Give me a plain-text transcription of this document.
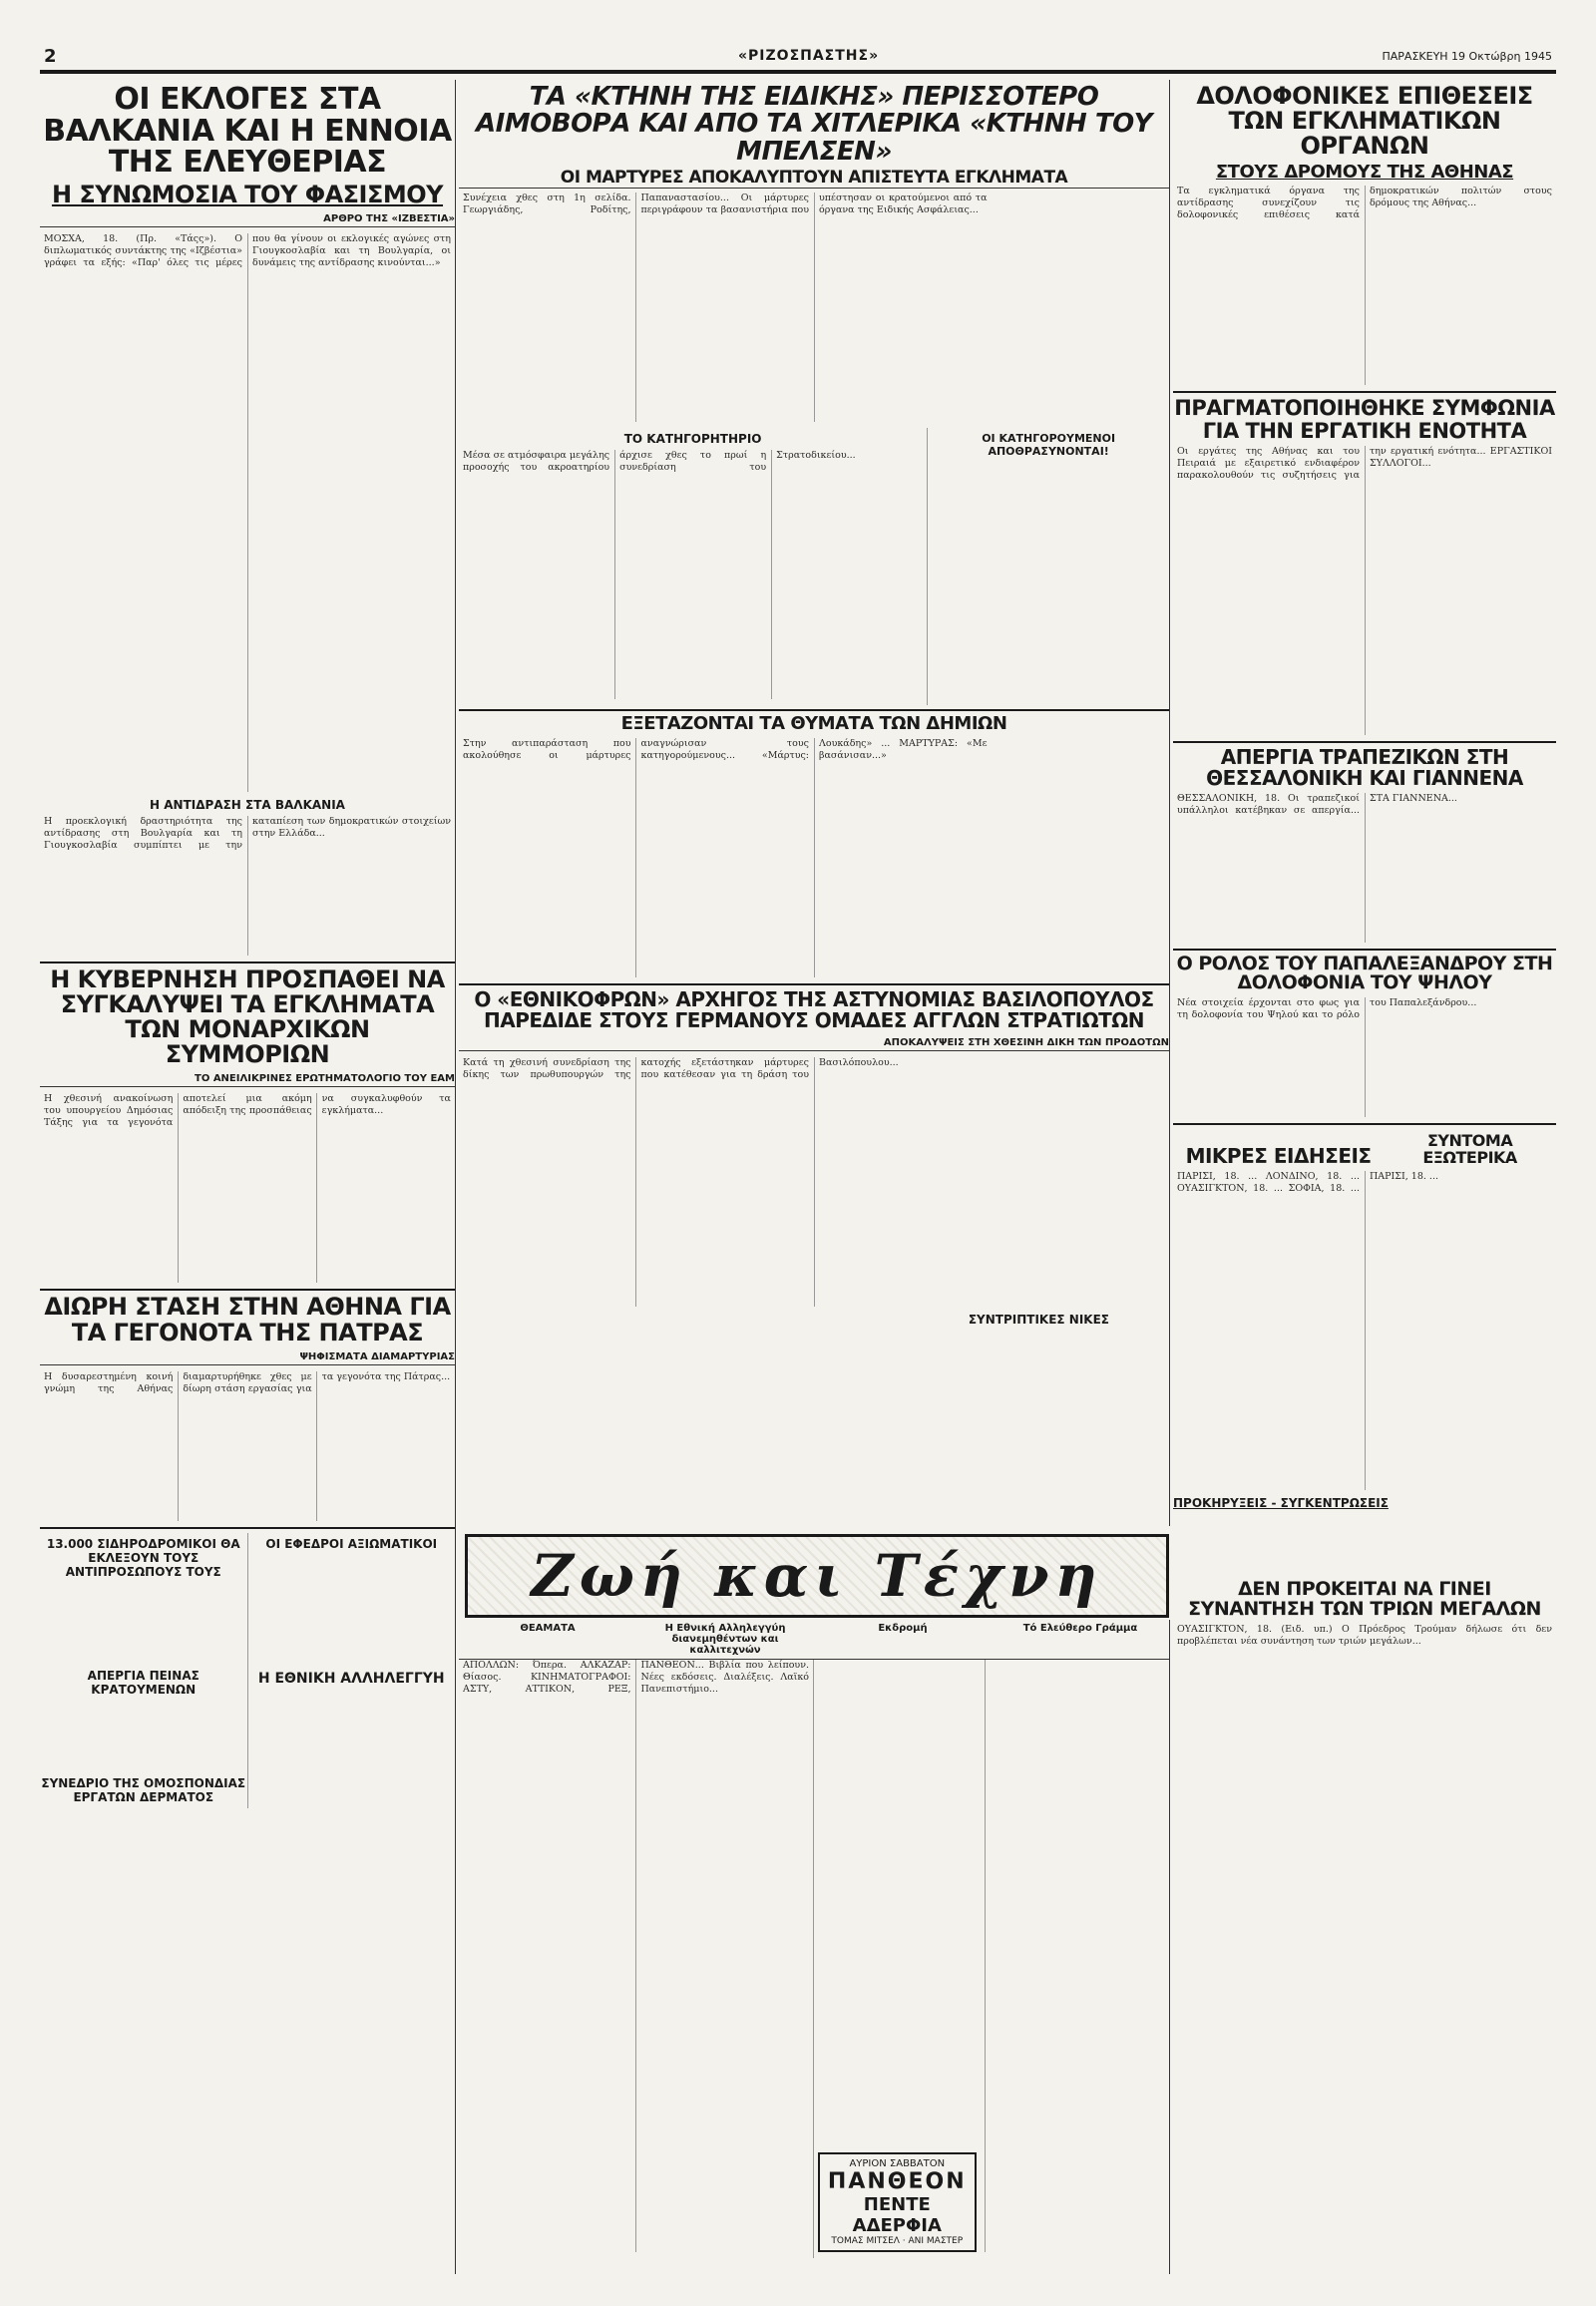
2	«ΡΙΖΟΣΠΑΣΤΗΣ»	ΠΑΡΑΣΚΕΥΗ 19 Οκτώβρη 1945
ΟΙ ΕΚΛΟΓΕΣ ΣΤΑ ΒΑΛΚΑΝΙΑ ΚΑΙ Η ΕΝΝΟΙΑ ΤΗΣ ΕΛΕΥΘΕΡΙΑΣ
Η ΣΥΝΩΜΟΣΙΑ ΤΟΥ ΦΑΣΙΣΜΟΥ
ΑΡΘΡΟ ΤΗΣ «ΙΖΒΕΣΤΙΑ»
ΜΟΣΧΑ, 18. (Πρ. «Τάςς»). Ο διπλωματικός συντάκτης της «Ιζβέστια» γράφει τα εξής: «Παρ' όλες τις μέρες που θα γίνουν οι εκλογικές αγώνες στη Γιουγκοσλαβία και τη Βουλγαρία, οι δυνάμεις της αντίδρασης κινούνται...»
Η ΑΝΤΙΔΡΑΣΗ ΣΤΑ ΒΑΛΚΑΝΙΑ
Η προεκλογική δραστηριότητα της αντίδρασης στη Βουλγαρία και τη Γιουγκοσλαβία συμπίπτει με την καταπίεση των δημοκρατικών στοιχείων στην Ελλάδα...
Η ΚΥΒΕΡΝΗΣΗ ΠΡΟΣΠΑΘΕΙ ΝΑ ΣΥΓΚΑΛΥΨΕΙ ΤΑ ΕΓΚΛΗΜΑΤΑ ΤΩΝ ΜΟΝΑΡΧΙΚΩΝ ΣΥΜΜΟΡΙΩΝ
ΤΟ ΑΝΕΙΛΙΚΡΙΝΕΣ ΕΡΩΤΗΜΑΤΟΛΟΓΙΟ ΤΟΥ ΕΑΜ
Η χθεσινή ανακοίνωση του υπουργείου Δημόσιας Τάξης για τα γεγονότα αποτελεί μια ακόμη απόδειξη της προσπάθειας να συγκαλυφθούν τα εγκλήματα...
ΔΙΩΡΗ ΣΤΑΣΗ ΣΤΗΝ ΑΘΗΝΑ ΓΙΑ ΤΑ ΓΕΓΟΝΟΤΑ ΤΗΣ ΠΑΤΡΑΣ
ΨΗΦΙΣΜΑΤΑ ΔΙΑΜΑΡΤΥΡΙΑΣ
Η δυσαρεστημένη κοινή γνώμη της Αθήνας διαμαρτυρήθηκε χθες με δίωρη στάση εργασίας για τα γεγονότα της Πάτρας...
13.000 ΣΙΔΗΡΟΔΡΟΜΙΚΟΙ ΘΑ ΕΚΛΕΞΟΥΝ ΤΟΥΣ ΑΝΤΙΠΡΟΣΩΠΟΥΣ ΤΟΥΣ
ΑΠΕΡΓΙΑ ΠΕΙΝΑΣ ΚΡΑΤΟΥΜΕΝΩΝ
ΣΥΝΕΔΡΙΟ ΤΗΣ ΟΜΟΣΠΟΝΔΙΑΣ ΕΡΓΑΤΩΝ ΔΕΡΜΑΤΟΣ
ΟΙ ΕΦΕΔΡΟΙ ΑΞΙΩΜΑΤΙΚΟΙ
Η ΕΘΝΙΚΗ ΑΛΛΗΛΕΓΓΥΗ
ΤΑ «ΚΤΗΝΗ ΤΗΣ ΕΙΔΙΚΗΣ» ΠΕΡΙΣΣΟΤΕΡΟ ΑΙΜΟΒΟΡΑ ΚΑΙ ΑΠΟ ΤΑ ΧΙΤΛΕΡΙΚΑ «ΚΤΗΝΗ ΤΟΥ ΜΠΕΛΣΕΝ»
ΟΙ ΜΑΡΤΥΡΕΣ ΑΠΟΚΑΛΥΠΤΟΥΝ ΑΠΙΣΤΕΥΤΑ ΕΓΚΛΗΜΑΤΑ
Συνέχεια χθες στη 1η σελίδα. Γεωργιάδης, Ροδίτης, Παπαναστασίου... Οι μάρτυρες περιγράφουν τα βασανιστήρια που υπέστησαν οι κρατούμενοι από τα όργανα της Ειδικής Ασφάλειας...
ΤΟ ΚΑΤΗΓΟΡΗΤΗΡΙΟ
Μέσα σε ατμόσφαιρα μεγάλης προσοχής του ακροατηρίου άρχισε χθες το πρωί η συνεδρίαση του Στρατοδικείου...
ΟΙ ΚΑΤΗΓΟΡΟΥΜΕΝΟΙ ΑΠΟΘΡΑΣΥΝΟΝΤΑΙ!
ΕΞΕΤΑΖΟΝΤΑΙ ΤΑ ΘΥΜΑΤΑ ΤΩΝ ΔΗΜΙΩΝ
Στην αντιπαράσταση που ακολούθησε οι μάρτυρες αναγνώρισαν τους κατηγορούμενους... «Μάρτυς: Λουκάδης» ... ΜΑΡΤΥΡΑΣ: «Με βασάνισαν...»
Ο «ΕΘΝΙΚΟΦΡΩΝ» ΑΡΧΗΓΟΣ ΤΗΣ ΑΣΤΥΝΟΜΙΑΣ ΒΑΣΙΛΟΠΟΥΛΟΣ ΠΑΡΕΔΙΔΕ ΣΤΟΥΣ ΓΕΡΜΑΝΟΥΣ ΟΜΑΔΕΣ ΑΓΓΛΩΝ ΣΤΡΑΤΙΩΤΩΝ
ΑΠΟΚΑΛΥΨΕΙΣ ΣΤΗ ΧΘΕΣΙΝΗ ΔΙΚΗ ΤΩΝ ΠΡΟΔΟΤΩΝ
Κατά τη χθεσινή συνεδρίαση της δίκης των πρωθυπουργών της κατοχής εξετάστηκαν μάρτυρες που κατέθεσαν για τη δράση του Βασιλόπουλου...
ΣΥΝΤΡΙΠΤΙΚΕΣ ΝΙΚΕΣ
Ζωή και Τέχνη
ΘΕΑΜΑΤΑ	Η Εθνική Αλληλεγγύη διανεμηθέντων και καλλιτεχνών
Εκδρομή	Τό Ελεύθερο Γράμμα
ΑΠΟΛΛΩΝ: Όπερα. ΑΛΚΑΖΑΡ: Θίασος. ΚΙΝΗΜΑΤΟΓΡΑΦΟΙ: ΑΣΤΥ, ΑΤΤΙΚΟΝ, ΡΕΞ, ΠΑΝΘΕΟΝ... Βιβλία που λείπουν. Νέες εκδόσεις. Διαλέξεις. Λαϊκό Πανεπιστήμιο...
ΑΥΡΙΟΝ ΣΑΒΒΑΤΟΝ
ΠΑΝΘΕΟΝ
ΠΕΝΤΕ ΑΔΕΡΦΙΑ
ΤΟΜΑΣ ΜΙΤΣΕΛ · ΑΝΙ ΜΑΣΤΕΡ
ΔΟΛΟΦΟΝΙΚΕΣ ΕΠΙΘΕΣΕΙΣ ΤΩΝ ΕΓΚΛΗΜΑΤΙΚΩΝ ΟΡΓΑΝΩΝ
ΣΤΟΥΣ ΔΡΟΜΟΥΣ ΤΗΣ ΑΘΗΝΑΣ
Τα εγκληματικά όργανα της αντίδρασης συνεχίζουν τις δολοφονικές επιθέσεις κατά δημοκρατικών πολιτών στους δρόμους της Αθήνας...
ΠΡΑΓΜΑΤΟΠΟΙΗΘΗΚΕ ΣΥΜΦΩΝΙΑ ΓΙΑ ΤΗΝ ΕΡΓΑΤΙΚΗ ΕΝΟΤΗΤΑ
Οι εργάτες της Αθήνας και του Πειραιά με εξαιρετικό ενδιαφέρον παρακολουθούν τις συζητήσεις για την εργατική ενότητα... ΕΡΓΑΣΤΙΚΟΙ ΣΥΛΛΟΓΟΙ...
ΑΠΕΡΓΙΑ ΤΡΑΠΕΖΙΚΩΝ ΣΤΗ ΘΕΣΣΑΛΟΝΙΚΗ ΚΑΙ ΓΙΑΝΝΕΝΑ
ΘΕΣΣΑΛΟΝΙΚΗ, 18. Οι τραπεζικοί υπάλληλοι κατέβηκαν σε απεργία... ΣΤΑ ΓΙΑΝΝΕΝΑ...
Ο ΡΟΛΟΣ ΤΟΥ ΠΑΠΑΛΕΞΑΝΔΡΟΥ ΣΤΗ ΔΟΛΟΦΟΝΙΑ ΤΟΥ ΨΗΛΟΥ
Νέα στοιχεία έρχονται στο φως για τη δολοφονία του Ψηλού και το ρόλο του Παπαλεξάνδρου...
ΜΙΚΡΕΣ ΕΙΔΗΣΕΙΣ
ΣΥΝΤΟΜΑ ΕΞΩΤΕΡΙΚΑ
ΠΑΡΙΣΙ, 18. ... ΛΟΝΔΙΝΟ, 18. ... ΟΥΑΣΙΓΚΤΟΝ, 18. ... ΣΟΦΙΑ, 18. ... ΠΑΡΙΣΙ, 18. ...
ΠΡΟΚΗΡΥΞΕΙΣ - ΣΥΓΚΕΝΤΡΩΣΕΙΣ
ΔΕΝ ΠΡΟΚΕΙΤΑΙ ΝΑ ΓΙΝΕΙ ΣΥΝΑΝΤΗΣΗ ΤΩΝ ΤΡΙΩΝ ΜΕΓΑΛΩΝ
ΟΥΑΣΙΓΚΤΟΝ, 18. (Ειδ. υπ.) Ο Πρόεδρος Τρούμαν δήλωσε ότι δεν προβλέπεται νέα συνάντηση των τριών μεγάλων...
